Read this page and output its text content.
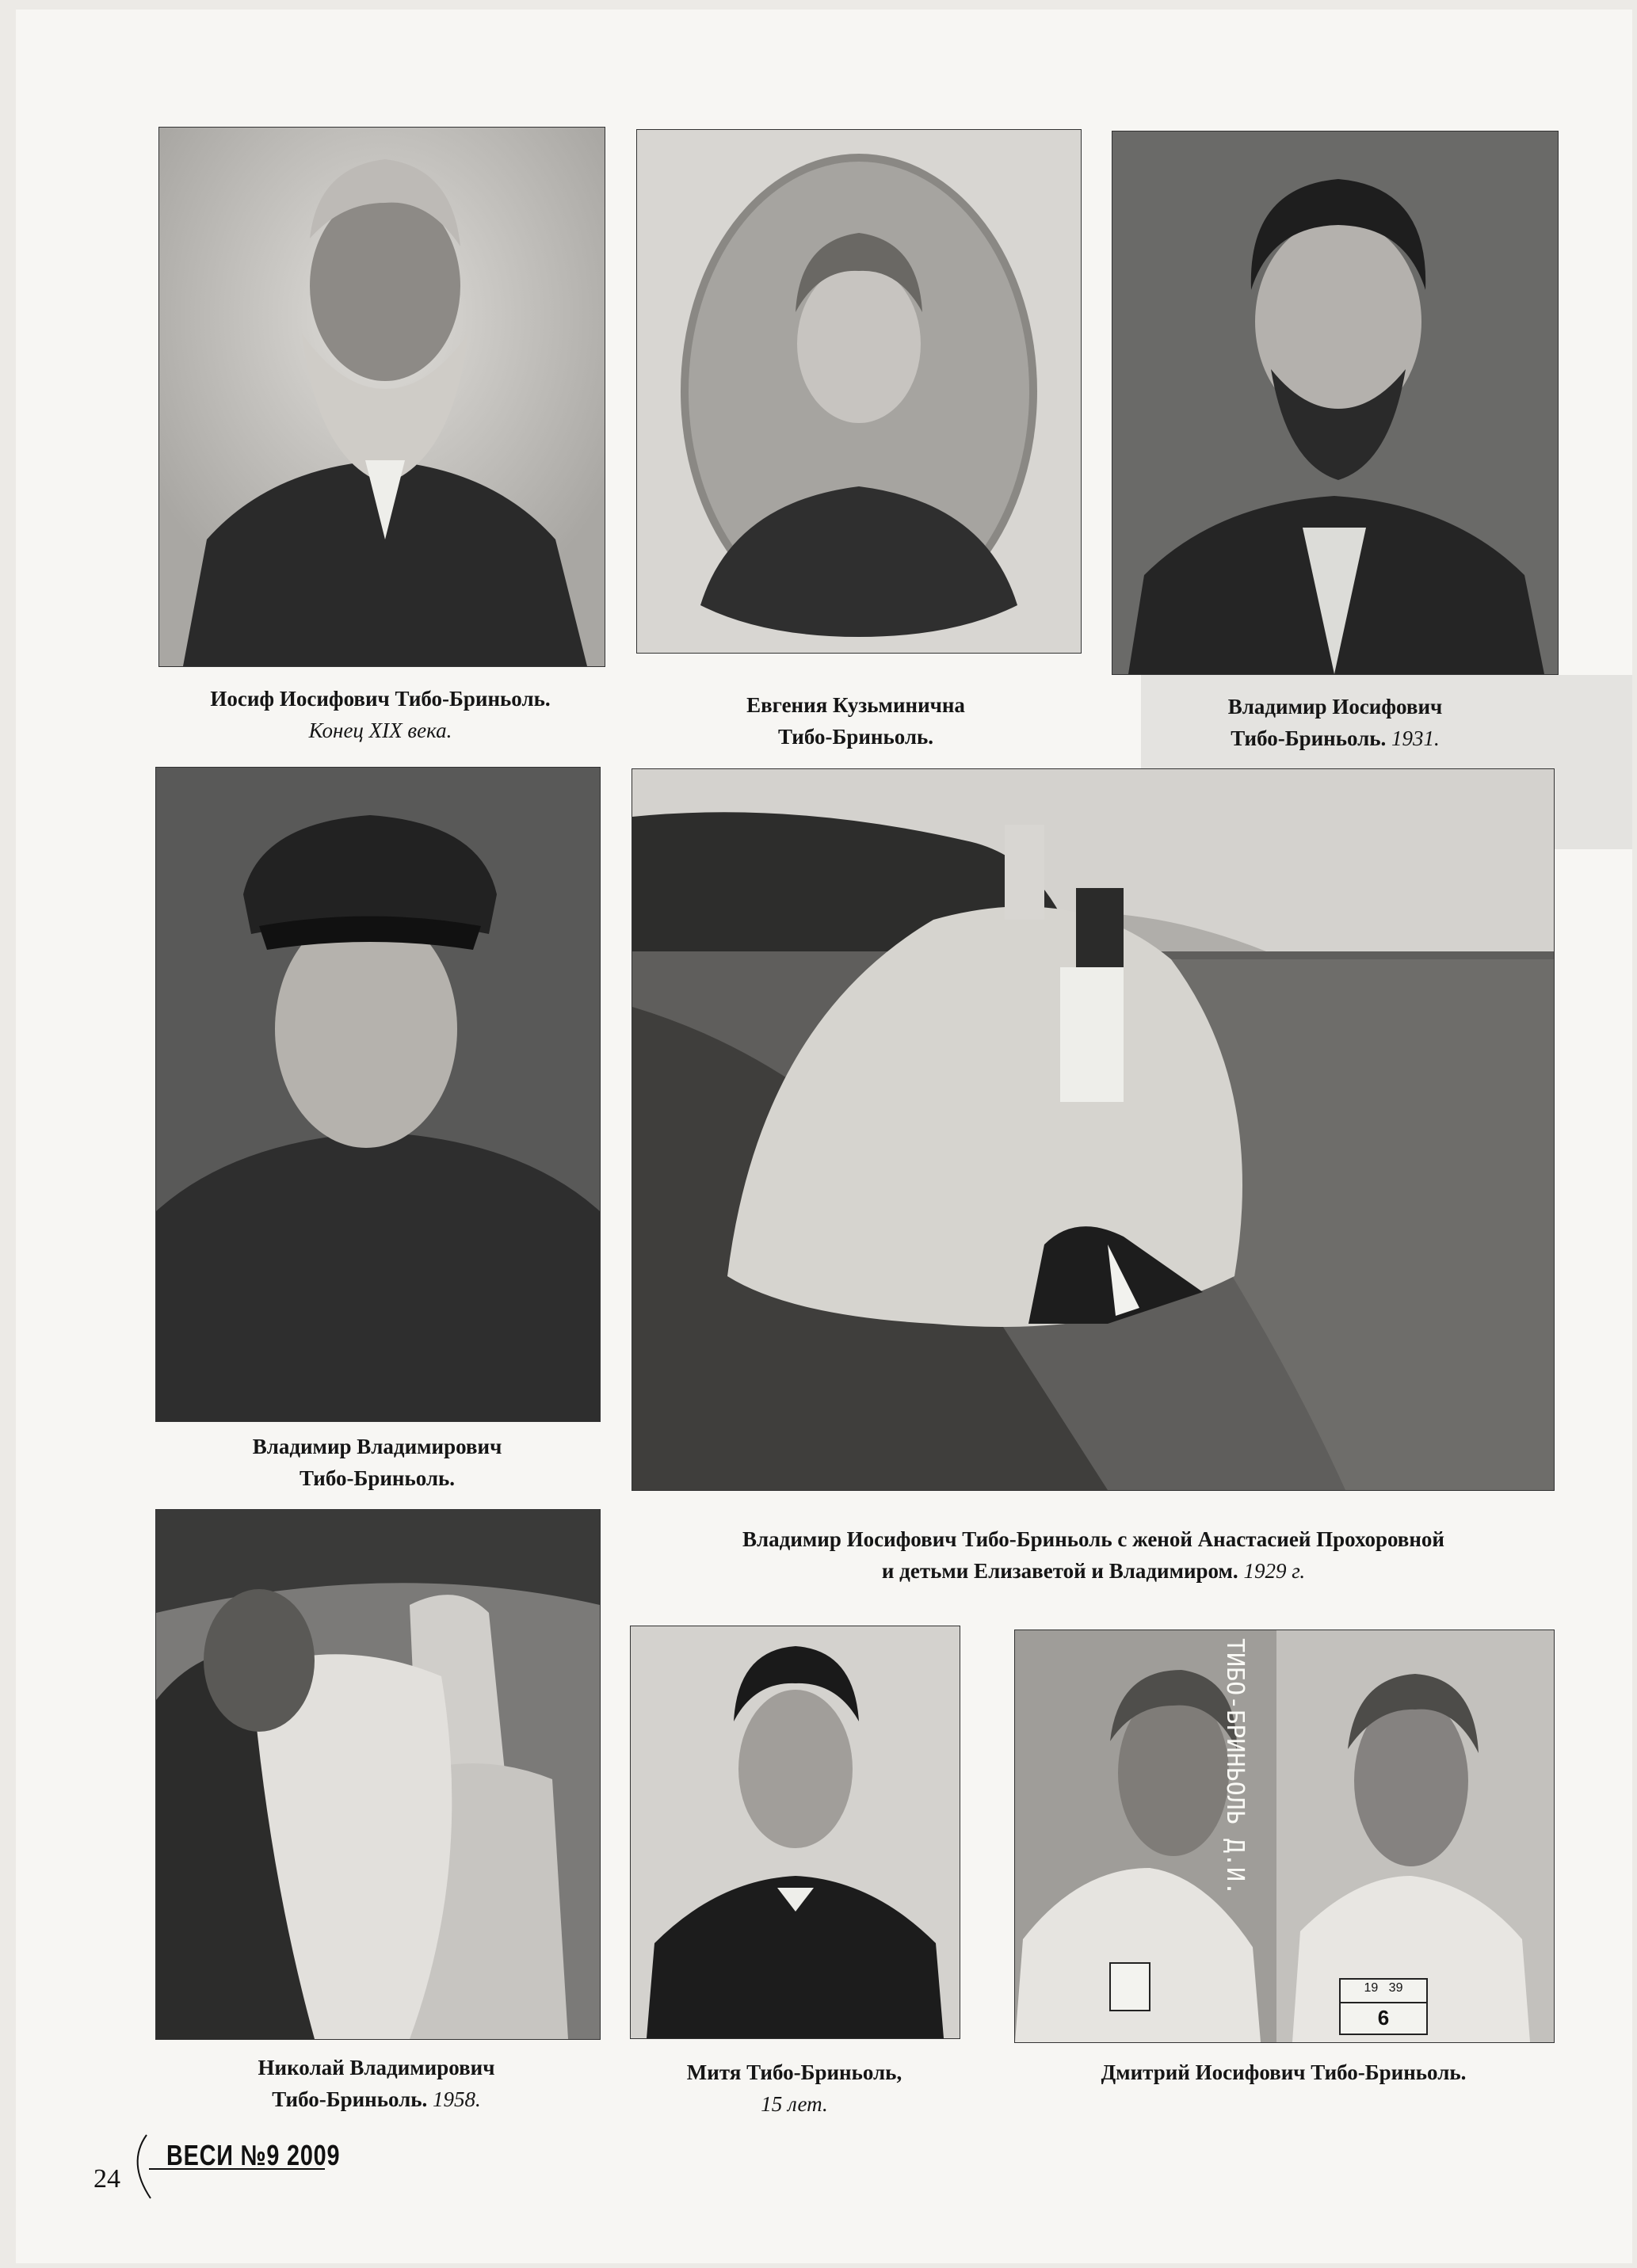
ТИБО-БРИНЬОЛЬ Д.И.
19   39
6
Иосиф Иосифович Тибо-Бриньоль.
Конец XIX века.
Евгения Кузьминична
Тибо-Бриньоль.
Владимир Иосифович
Тибо-Бриньоль. 1931.
Владимир Владимирович
Тибо-Бриньоль.
Владимир Иосифович Тибо-Бриньоль с женой Анастасией Прохоровной
и детьми Елизаветой и Владимиром. 1929 г.
Николай Владимирович
Тибо-Бриньоль. 1958.
Митя Тибо-Бриньоль,
15 лет.
Дмитрий Иосифович Тибо-Бриньоль.
24
ВЕСИ №9 2009
